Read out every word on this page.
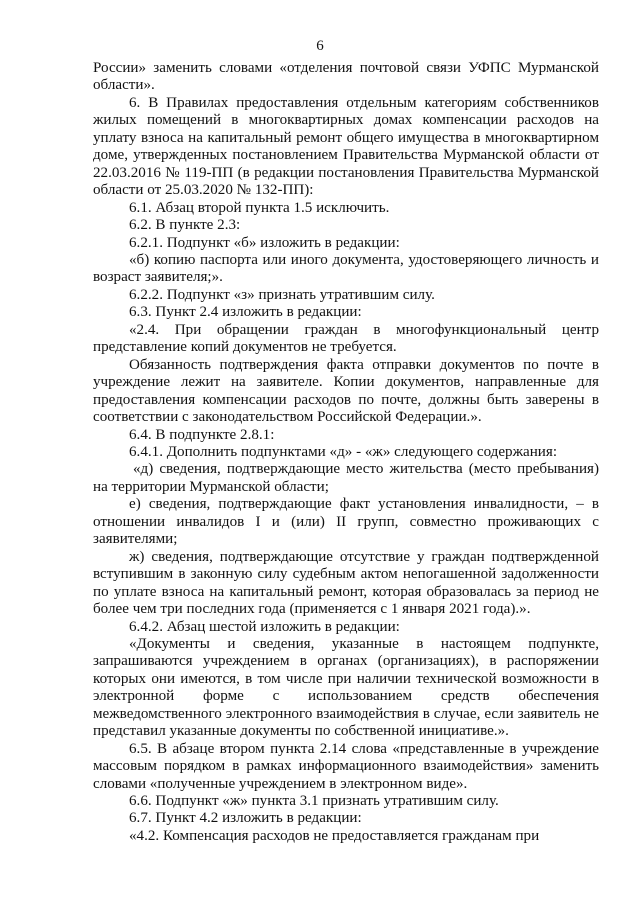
6

России» заменить словами «отделения почтовой связи УФПС Мурманской области».

6. В Правилах предоставления отдельным категориям собственников жилых помещений в многоквартирных домах компенсации расходов на уплату взноса на капитальный ремонт общего имущества в многоквартирном доме, утвержденных постановлением Правительства Мурманской области от 22.03.2016 № 119-ПП (в редакции постановления Правительства Мурманской области от 25.03.2020 № 132-ПП):

6.1. Абзац второй пункта 1.5 исключить.

6.2. В пункте 2.3:

6.2.1. Подпункт «б» изложить в редакции:

«б) копию паспорта или иного документа, удостоверяющего личность и возраст заявителя;».

6.2.2. Подпункт «з» признать утратившим силу.

6.3. Пункт 2.4 изложить в редакции:

«2.4. При обращении граждан в многофункциональный центр представление копий документов не требуется.

Обязанность подтверждения факта отправки документов по почте в учреждение лежит на заявителе. Копии документов, направленные для предоставления компенсации расходов по почте, должны быть заверены в соответствии с законодательством Российской Федерации.».

6.4. В подпункте 2.8.1:

6.4.1. Дополнить подпунктами «д» - «ж» следующего содержания:

«д) сведения, подтверждающие место жительства (место пребывания) на территории Мурманской области;

е) сведения, подтверждающие факт установления инвалидности, – в отношении инвалидов I и (или) II групп, совместно проживающих с заявителями;

ж) сведения, подтверждающие отсутствие у граждан подтвержденной вступившим в законную силу судебным актом непогашенной задолженности по уплате взноса на капитальный ремонт, которая образовалась за период не более чем три последних года (применяется с 1 января 2021 года).».

6.4.2. Абзац шестой изложить в редакции:

«Документы и сведения, указанные в настоящем подпункте, запрашиваются учреждением в органах (организациях), в распоряжении которых они имеются, в том числе при наличии технической возможности в электронной форме с использованием средств обеспечения межведомственного электронного взаимодействия в случае, если заявитель не представил указанные документы по собственной инициативе.».

6.5. В абзаце втором пункта 2.14 слова «представленные в учреждение массовым порядком в рамках информационного взаимодействия» заменить словами «полученные учреждением в электронном виде».

6.6. Подпункт «ж» пункта 3.1 признать утратившим силу.

6.7. Пункт 4.2 изложить в редакции:

«4.2. Компенсация расходов не предоставляется гражданам при
